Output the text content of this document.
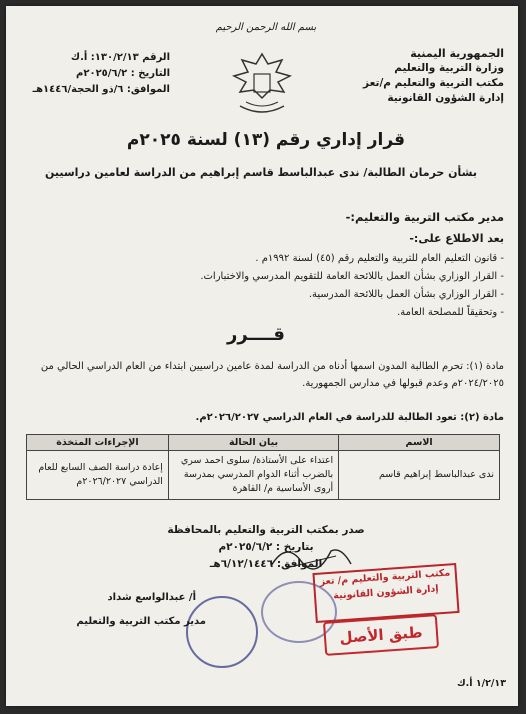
بسم الله الرحمن الرحيم
الجمهورية اليمنية
وزارة التربية والتعليم
مكتب التربية والتعليم م/تعز
إدارة الشؤون القانونية
الرقم ١٣٠/٢/١٣: أ.ك
التاريخ : ٢٠٢٥/٦/٢م
الموافق: ٦/ذو الحجة/١٤٤٦هـ
قرار إداري رقم (١٣) لسنة ٢٠٢٥م
بشأن حرمان الطالبة/ ندى عبدالباسط قاسم إبراهيم من الدراسة لعامين دراسيين
مدير مكتب التربية والتعليم:-
بعد الاطلاع على:-
- قانون التعليم العام للتربية والتعليم رقم (٤٥) لسنة ١٩٩٢م .
- القرار الوزاري بشأن العمل باللائحة العامة للتقويم المدرسي والاختبارات.
- القرار الوزاري بشأن العمل باللائحة المدرسية.
- وتحقيقاً للمصلحة العامة.
قــــرر
مادة (١): تحرم الطالبة المدون اسمها أدناه من الدراسة لمدة عامين دراسيين ابتداء من العام الدراسي الحالي من ٢٠٢٤/٢٠٢٥م وعدم قبولها في مدارس الجمهورية.
مادة (٢): تعود الطالبة للدراسة في العام الدراسي ٢٠٢٦/٢٠٢٧م.
الاسم	بيان الحالة	الإجراءات المتخذة
ندى عبدالباسط إبراهيم قاسم	اعتداء على الأستاذة/ سلوى احمد سري بالضرب أثناء الدوام المدرسي بمدرسة أروى الأساسية م/ القاهرة	إعادة دراسة الصف السابع للعام الدراسي ٢٠٢٦/٢٠٢٧م
صدر بمكتب التربية والتعليم بالمحافظة
بتاريخ : ٢٠٢٥/٦/٢م
الموافق: ٦/١٢/١٤٤٦هـ
أ/ عبدالواسع شداد
مدير مكتب التربية والتعليم
مكتب التربية والتعليم م/ تعز
إدارة الشؤون القانونية
طبق الأصل
١/٢/١٣ أ.ك
